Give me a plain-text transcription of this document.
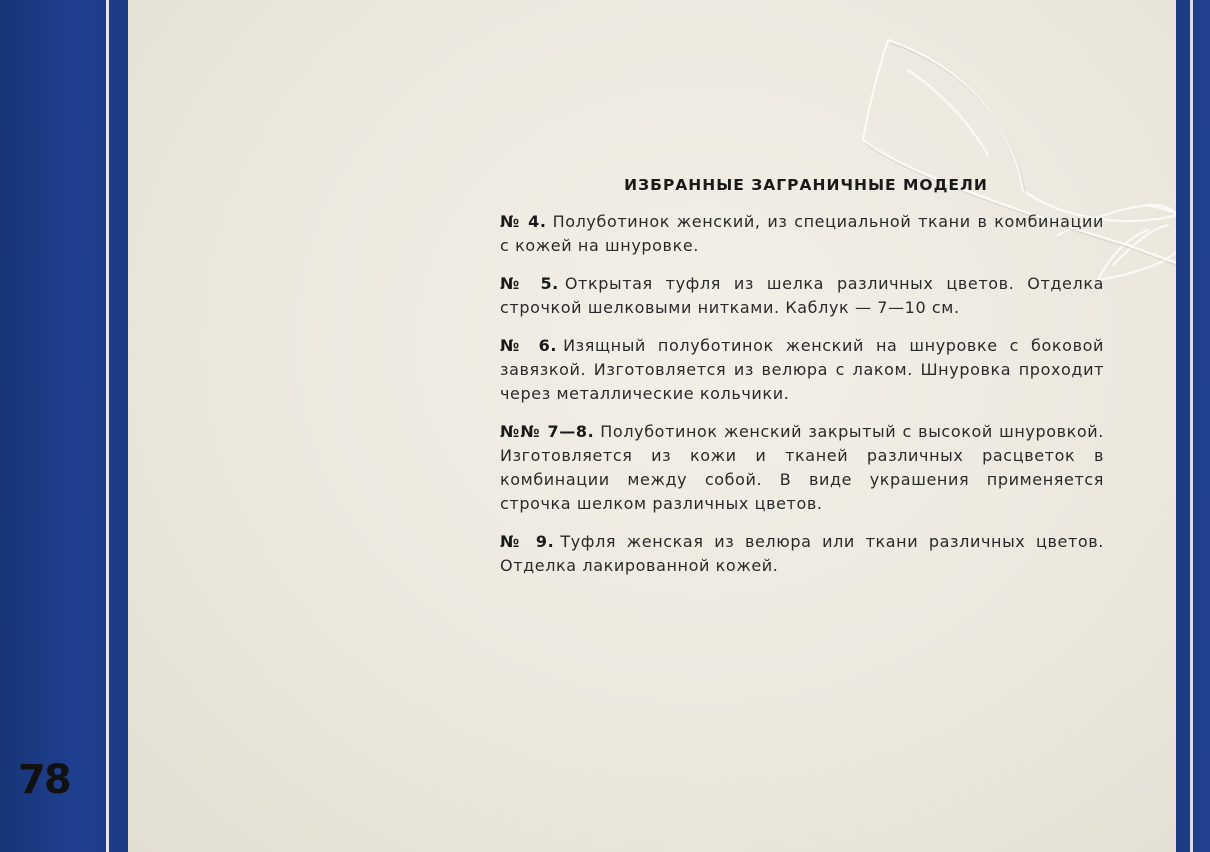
ИЗБРАННЫЕ ЗАГРАНИЧНЫЕ МОДЕЛИ

№ 4. Полуботинок женский, из специальной ткани в комбинации с кожей на шнуровке.

№ 5. Открытая туфля из шелка различных цветов. Отделка строчкой шелковыми нитками. Каблук — 7—10 см.

№ 6. Изящный полуботинок женский на шнуровке с боковой завязкой. Изготовляется из велюра с лаком. Шнуровка проходит через металлические кольчики.

№№ 7—8. Полуботинок женский закрытый с высокой шнуровкой. Изготовляется из кожи и тканей различных расцветок в комбинации между собой. В виде украшения применяется строчка шелком различных цветов.

№ 9. Туфля женская из велюра или ткани различных цветов. Отделка лакированной кожей.

78
